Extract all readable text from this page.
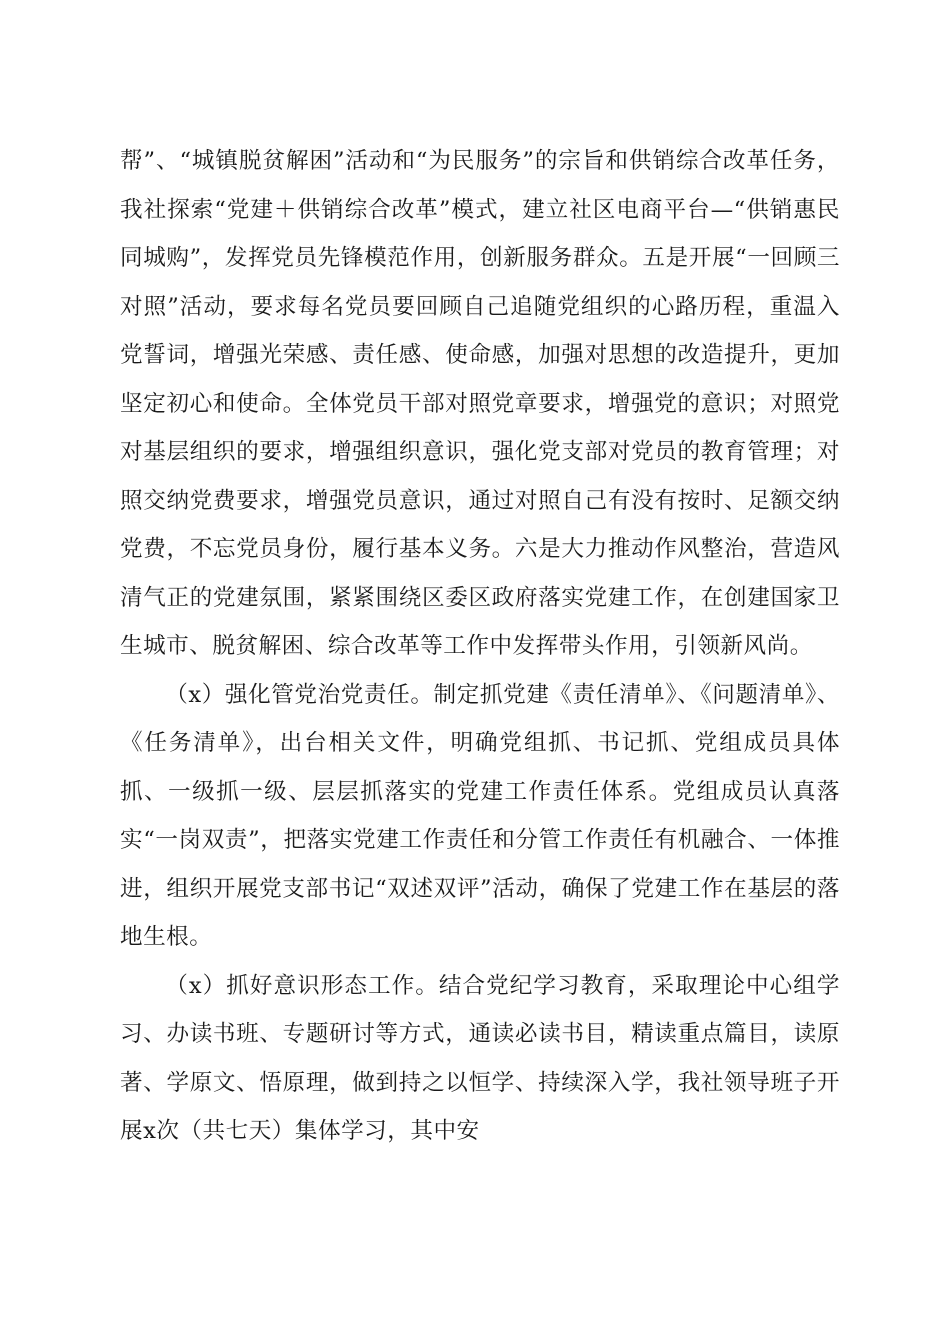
帮”、“城镇脱贫解困”活动和“为民服务”的宗旨和供销综合改革任务，我社探索“党建＋供销综合改革”模式，建立社区电商平台—“供销惠民同城购”，发挥党员先锋模范作用，创新服务群众。五是开展“一回顾三对照”活动，要求每名党员要回顾自己追随党组织的心路历程，重温入党誓词，增强光荣感、责任感、使命感，加强对思想的改造提升，更加坚定初心和使命。全体党员干部对照党章要求，增强党的意识；对照党对基层组织的要求，增强组织意识，强化党支部对党员的教育管理；对照交纳党费要求，增强党员意识，通过对照自己有没有按时、足额交纳党费，不忘党员身份，履行基本义务。六是大力推动作风整治，营造风清气正的党建氛围，紧紧围绕区委区政府落实党建工作，在创建国家卫生城市、脱贫解困、综合改革等工作中发挥带头作用，引领新风尚。

（x）强化管党治党责任。制定抓党建《责任清单》、《问题清单》、《任务清单》，出台相关文件，明确党组抓、书记抓、党组成员具体抓、一级抓一级、层层抓落实的党建工作责任体系。党组成员认真落实“一岗双责”，把落实党建工作责任和分管工作责任有机融合、一体推进，组织开展党支部书记“双述双评”活动，确保了党建工作在基层的落地生根。

（x）抓好意识形态工作。结合党纪学习教育，采取理论中心组学习、办读书班、专题研讨等方式，通读必读书目，精读重点篇目，读原著、学原文、悟原理，做到持之以恒学、持续深入学，我社领导班子开展x次（共七天）集体学习，其中安
